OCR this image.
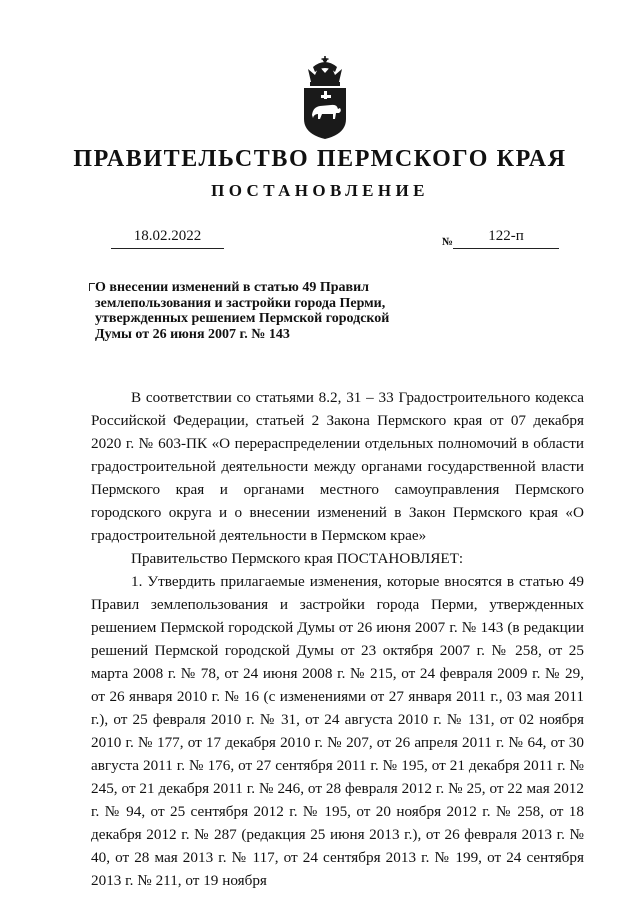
ПРАВИТЕЛЬСТВО ПЕРМСКОГО КРАЯ
ПОСТАНОВЛЕНИЕ
18.02.2022	№	122-п
О внесении изменений в статью 49 Правил землепользования и застройки города Перми, утвержденных решением Пермской городской Думы от 26 июня 2007 г. № 143

В соответствии со статьями 8.2, 31 – 33 Градостроительного кодекса Российской Федерации, статьей 2 Закона Пермского края от 07 декабря 2020 г. № 603-ПК «О перераспределении отдельных полномочий в области градостроительной деятельности между органами государственной власти Пермского края и органами местного самоуправления Пермского городского округа и о внесении изменений в Закон Пермского края «О градостроительной деятельности в Пермском крае»

Правительство Пермского края ПОСТАНОВЛЯЕТ:

1. Утвердить прилагаемые изменения, которые вносятся в статью 49 Правил землепользования и застройки города Перми, утвержденных решением Пермской городской Думы от 26 июня 2007 г. № 143 (в редакции решений Пермской городской Думы от 23 октября 2007 г. № 258, от 25 марта 2008 г. № 78, от 24 июня 2008 г. № 215, от 24 февраля 2009 г. № 29, от 26 января 2010 г. № 16 (с изменениями от 27 января 2011 г., 03 мая 2011 г.), от 25 февраля 2010 г. № 31, от 24 августа 2010 г. № 131, от 02 ноября 2010 г. № 177, от 17 декабря 2010 г. № 207, от 26 апреля 2011 г. № 64, от 30 августа 2011 г. № 176, от 27 сентября 2011 г. № 195, от 21 декабря 2011 г. № 245, от 21 декабря 2011 г. № 246, от 28 февраля 2012 г. № 25, от 22 мая 2012 г. № 94, от 25 сентября 2012 г. № 195, от 20 ноября 2012 г. № 258, от 18 декабря 2012 г. № 287 (редакция 25 июня 2013 г.), от 26 февраля 2013 г. № 40, от 28 мая 2013 г. № 117, от 24 сентября 2013 г. № 199, от 24 сентября 2013 г. № 211, от 19 ноября
